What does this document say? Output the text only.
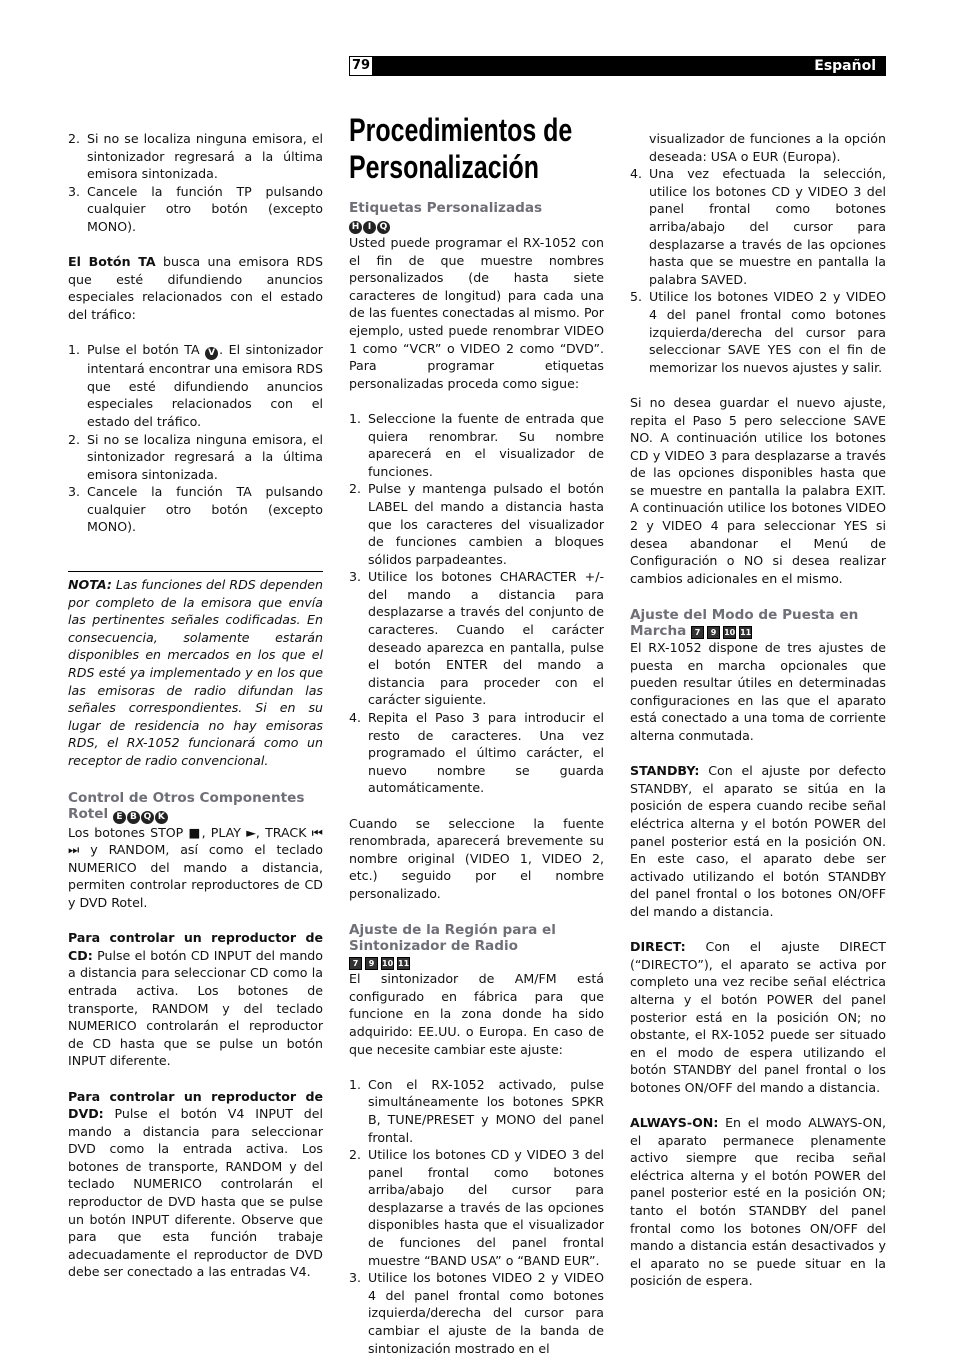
79	Español
2. Si no se localiza ninguna emisora, el sintonizador regresará a la última emisora sintonizada.
3. Cancele la función TP pulsando cualquier otro botón (excepto MONO).

El Botón TA busca una emisora RDS que esté difundiendo anuncios especiales relacionados con el estado del tráfico:

1. Pulse el botón TA V . El sintonizador intentará encontrar una emisora RDS que esté difundiendo anuncios especiales relacionados con el estado del tráfico.
2. Si no se localiza ninguna emisora, el sintonizador regresará a la última emisora sintonizada.
3. Cancele la función TA pulsando cualquier otro botón (excepto MONO).

NOTA: Las funciones del RDS dependen por completo de la emisora que envía las pertinentes señales codificadas. En consecuencia, solamente estarán disponibles en mercados en los que el RDS esté ya implementado y en los que las emisoras de radio difundan las señales correspondientes. Si en su lugar de residencia no hay emisoras RDS, el RX-1052 funcionará como un receptor de radio convencional.

Control de Otros Componentes Rotel E B Q K

Los botones STOP ■, PLAY ►, TRACK ⏮ ⏭ y RANDOM, así como el teclado NUMERICO del mando a distancia, permiten controlar reproductores de CD y DVD Rotel.

Para controlar un reproductor de CD: Pulse el botón CD INPUT del mando a distancia para seleccionar CD como la entrada activa. Los botones de transporte, RANDOM y del teclado NUMERICO controlarán el reproductor de CD hasta que se pulse un botón INPUT diferente.

Para controlar un reproductor de DVD: Pulse el botón V4 INPUT del mando a distancia para seleccionar DVD como la entrada activa. Los botones de transporte, RANDOM y del teclado NUMERICO controlarán el reproductor de DVD hasta que se pulse un botón INPUT diferente. Observe que para que esta función trabaje adecuadamente el reproductor de DVD debe ser conectado a las entradas V4.

Procedimientos de Personalización
Etiquetas Personalizadas
H I Q

Usted puede programar el RX-1052 con el fin de que muestre nombres personalizados (de hasta siete caracteres de longitud) para cada una de las fuentes conectadas al mismo. Por ejemplo, usted puede renombrar VIDEO 1 como “VCR” o VIDEO 2 como “DVD”. Para programar etiquetas personalizadas proceda como sigue:

1. Seleccione la fuente de entrada que quiera renombrar. Su nombre aparecerá en el visualizador de funciones.
2. Pulse y mantenga pulsado el botón LABEL del mando a distancia hasta que los caracteres del visualizador de funciones cambien a bloques sólidos parpadeantes.
3. Utilice los botones CHARACTER +/- del mando a distancia para desplazarse a través del conjunto de caracteres. Cuando el carácter deseado aparezca en pantalla, pulse el botón ENTER del mando a distancia para proceder con el carácter siguiente.
4. Repita el Paso 3 para introducir el resto de caracteres. Una vez programado el último carácter, el nuevo nombre se guarda automáticamente.

Cuando se seleccione la fuente renombrada, aparecerá brevemente su nombre original (VIDEO 1, VIDEO 2, etc.) seguido por el nombre personalizado.

Ajuste de la Región para el Sintonizador de Radio
7 9 10 11

El sintonizador de AM/FM está configurado en fábrica para que funcione en la zona donde ha sido adquirido: EE.UU. o Europa. En caso de que necesite cambiar este ajuste:

1. Con el RX-1052 activado, pulse simultáneamente los botones SPKR B, TUNE/PRESET y MONO del panel frontal.
2. Utilice los botones CD y VIDEO 3 del panel frontal como botones arriba/abajo del cursor para desplazarse a través de las opciones disponibles hasta que el visualizador de funciones del panel frontal muestre “BAND USA” o “BAND EUR”.
3. Utilice los botones VIDEO 2 y VIDEO 4 del panel frontal como botones izquierda/derecha del cursor para cambiar el ajuste de la banda de sintonización mostrado en el

visualizador de funciones a la opción deseada: USA o EUR (Europa).

4. Una vez efectuada la selección, utilice los botones CD y VIDEO 3 del panel frontal como botones arriba/abajo del cursor para desplazarse a través de las opciones hasta que se muestre en pantalla la palabra SAVED.
5. Utilice los botones VIDEO 2 y VIDEO 4 del panel frontal como botones izquierda/derecha del cursor para seleccionar SAVE YES con el fin de memorizar los nuevos ajustes y salir.

Si no desea guardar el nuevo ajuste, repita el Paso 5 pero seleccione SAVE NO. A continuación utilice los botones CD y VIDEO 3 para desplazarse a través de las opciones disponibles hasta que se muestre en pantalla la palabra EXIT. A continuación utilice los botones VIDEO 2 y VIDEO 4 para seleccionar YES si desea abandonar el Menú de Configuración o NO si desea realizar cambios adicionales en el mismo.

Ajuste del Modo de Puesta en Marcha 7 9 10 11

El RX-1052 dispone de tres ajustes de puesta en marcha opcionales que pueden resultar útiles en determinadas configuraciones en las que el aparato está conectado a una toma de corriente alterna conmutada.

STANDBY: Con el ajuste por defecto STANDBY, el aparato se sitúa en la posición de espera cuando recibe señal eléctrica alterna y el botón POWER del panel posterior está en la posición ON. En este caso, el aparato debe ser activado utilizando el botón STANDBY del panel frontal o los botones ON/OFF del mando a distancia.

DIRECT: Con el ajuste DIRECT (“DIRECTO”), el aparato se activa por completo una vez recibe señal eléctrica alterna y el botón POWER del panel posterior está en la posición ON; no obstante, el RX-1052 puede ser situado en el modo de espera utilizando el botón STANDBY del panel frontal o los botones ON/OFF del mando a distancia.

ALWAYS-ON: En el modo ALWAYS-ON, el aparato permanece plenamente activo siempre que reciba señal eléctrica alterna y el botón POWER del panel posterior esté en la posición ON; tanto el botón STANDBY del panel frontal como los botones ON/OFF del mando a distancia están desactivados y el aparato no se puede situar en la posición de espera.
